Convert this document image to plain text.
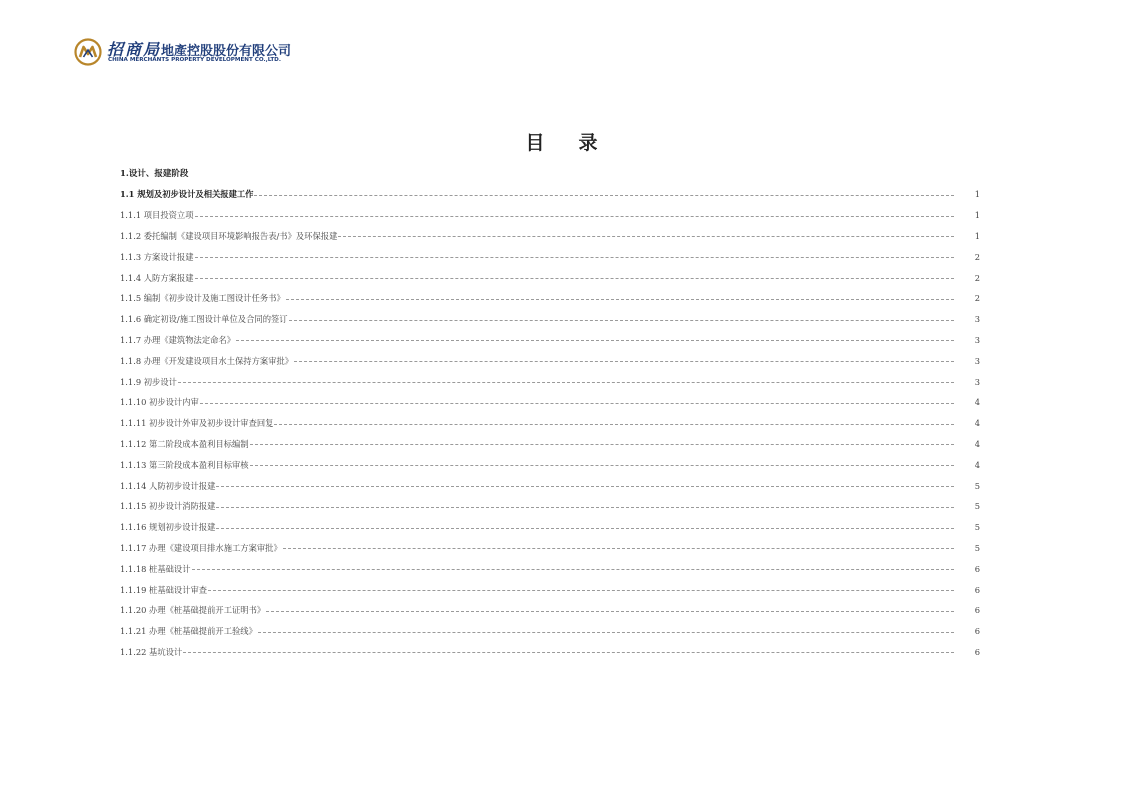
招商局地產控股股份有限公司
CHINA MERCHANTS PROPERTY DEVELOPMENT CO.,LTD.
目录
1.设计、报建阶段
1.1 规划及初步设计及相关报建工作	1
1.1.1 项目投资立项	1
1.1.2 委托编制《建设项目环境影响报告表/书》及环保报建	1
1.1.3 方案设计报建	2
1.1.4 人防方案报建	2
1.1.5 编制《初步设计及施工图设计任务书》	2
1.1.6 确定初设/施工图设计单位及合同的签订	3
1.1.7 办理《建筑物法定命名》	3
1.1.8 办理《开发建设项目水土保持方案审批》	3
1.1.9 初步设计	3
1.1.10 初步设计内审	4
1.1.11 初步设计外审及初步设计审查回复	4
1.1.12 第二阶段成本盈利目标编制	4
1.1.13 第三阶段成本盈利目标审核	4
1.1.14 人防初步设计报建	5
1.1.15 初步设计消防报建	5
1.1.16 规划初步设计报建	5
1.1.17 办理《建设项目排水施工方案审批》	5
1.1.18 桩基础设计	6
1.1.19 桩基础设计审查	6
1.1.20 办理《桩基础提前开工证明书》	6
1.1.21 办理《桩基础提前开工验线》	6
1.1.22 基坑设计	6
